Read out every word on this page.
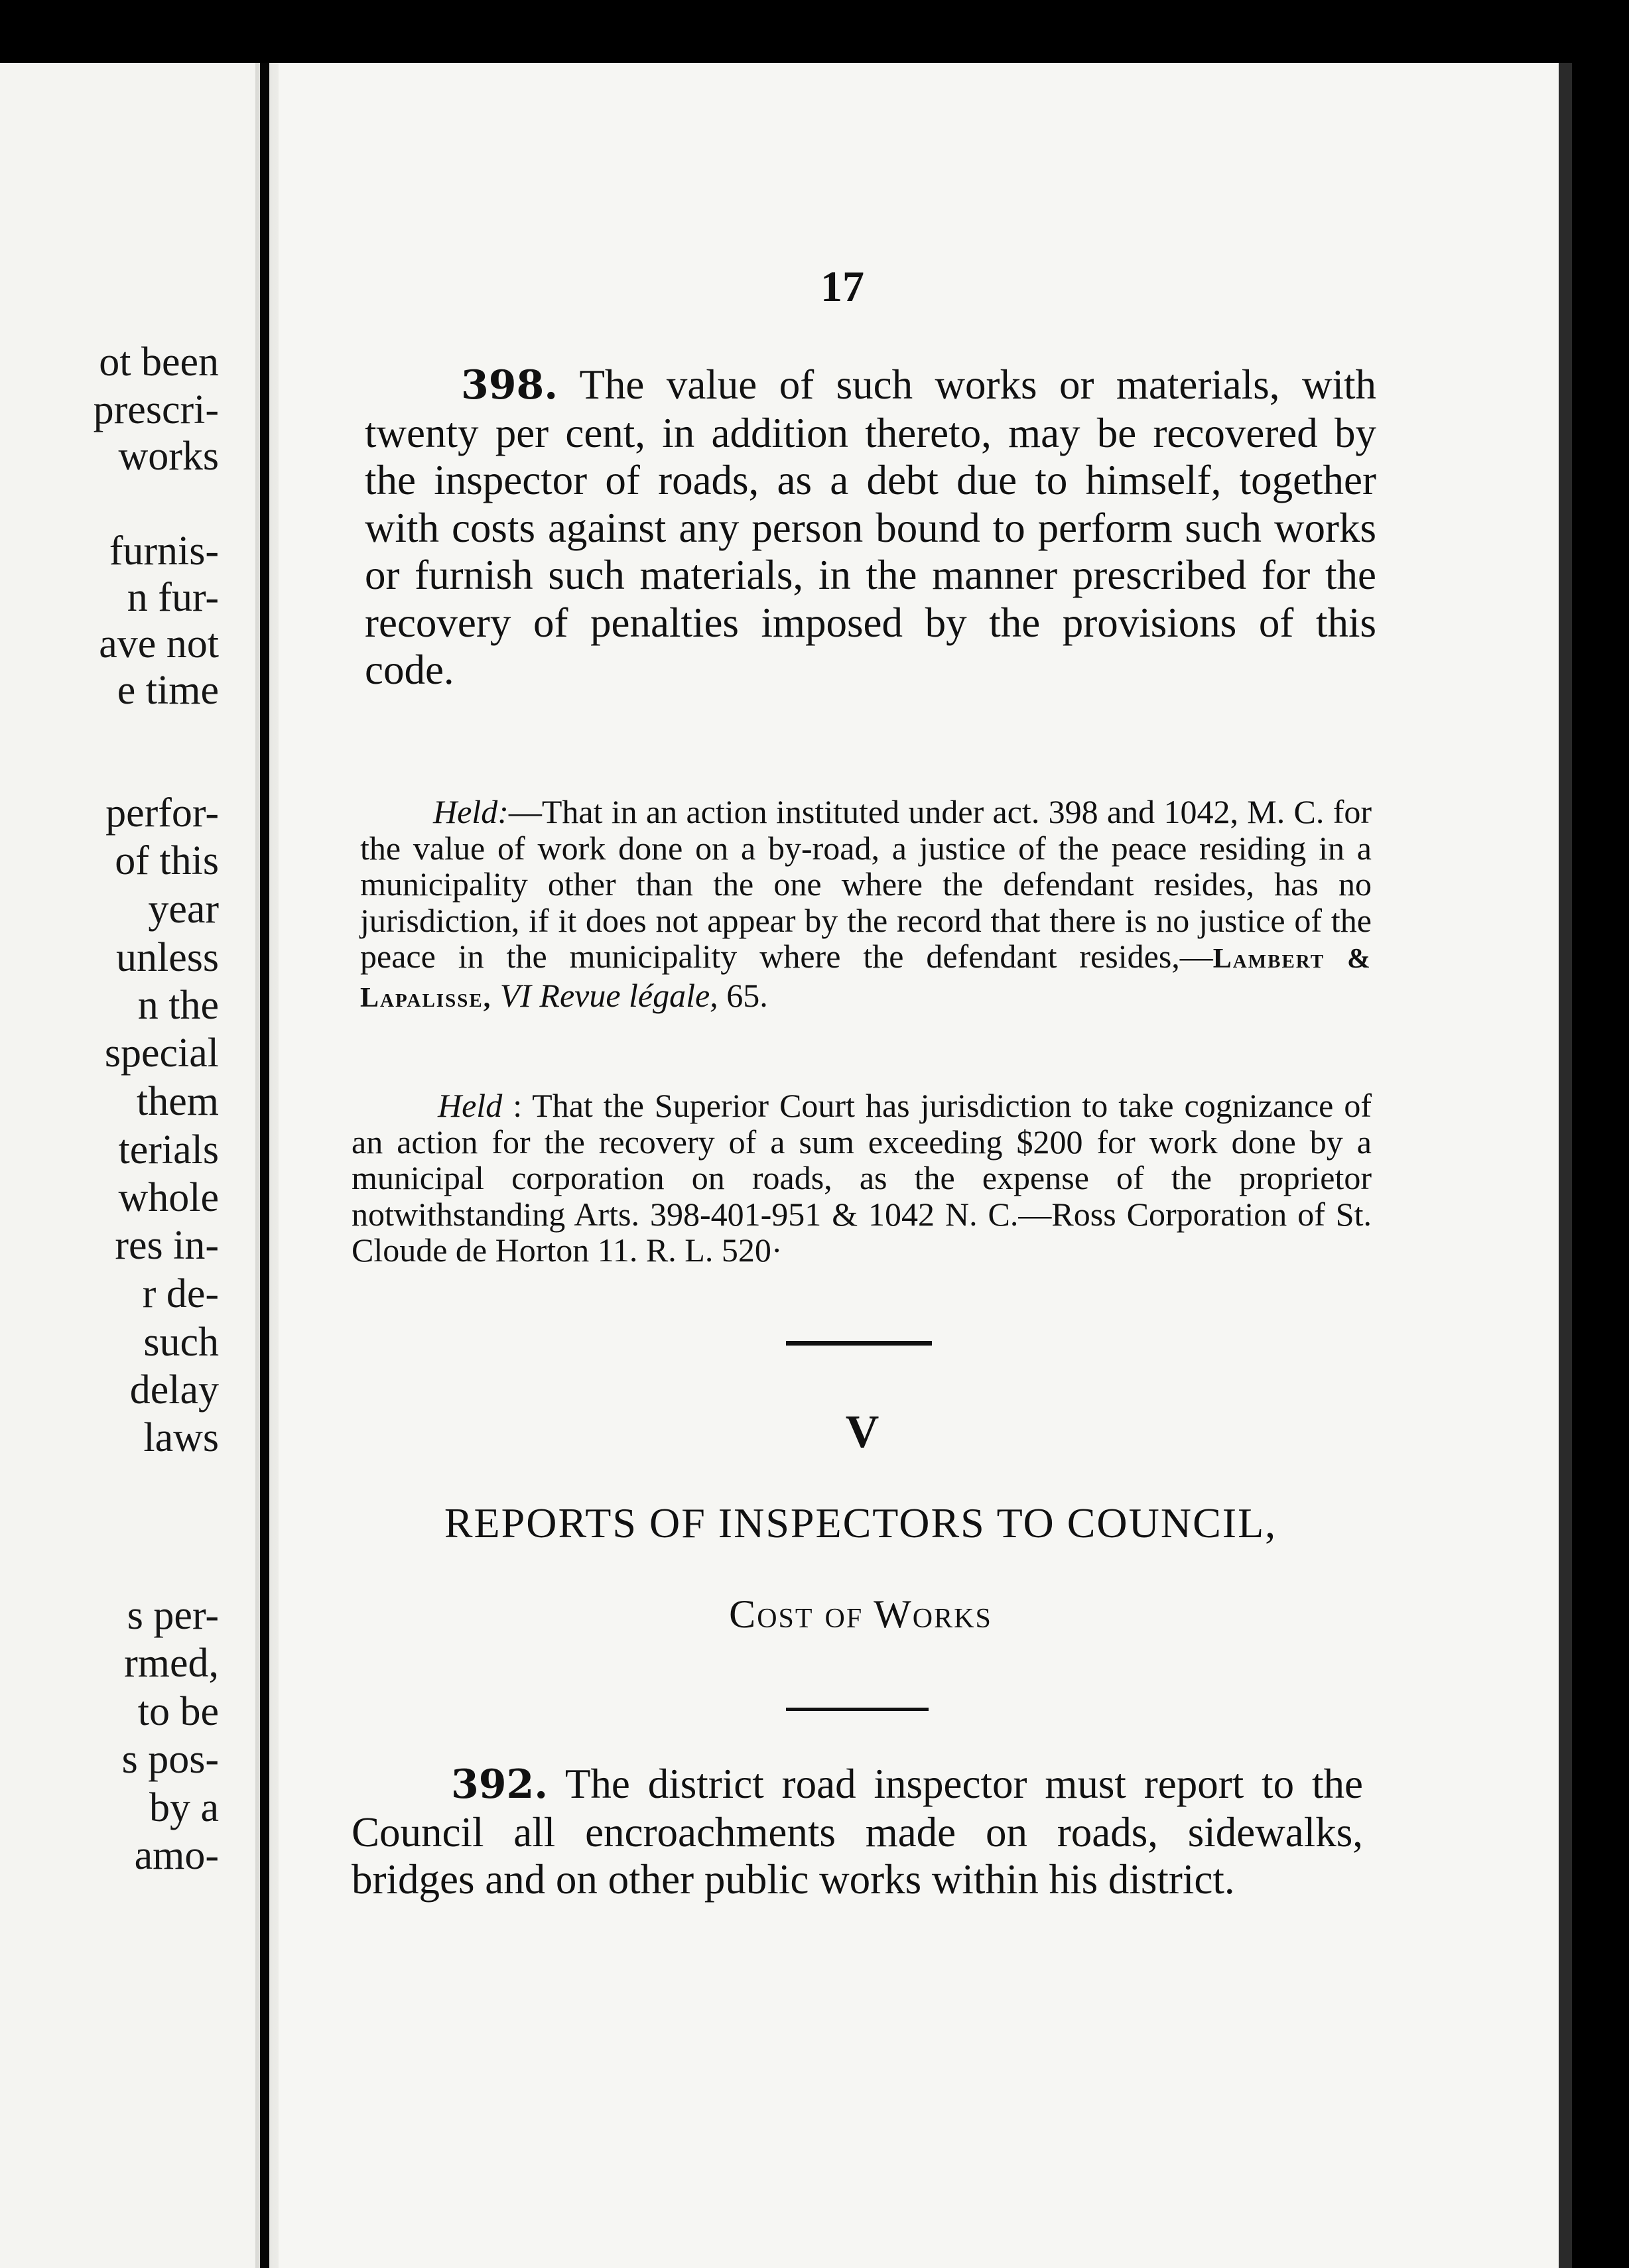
ot been
prescri-
works
furnis-
n fur-
ave not
e time
perfor-
of this
year
unless
n the
special
them
terials
whole
res in-
r de-
such
delay
laws
s per-
rmed,
to be
s pos-
by a
amo-
17
398. The value of such works or materials, with twenty per cent, in addition thereto, may be recovered by the inspector of roads, as a debt due to himself, together with costs against any person bound to perform such works or furnish such materials, in the manner prescribed for the recovery of penalties imposed by the provisions of this code.
Held:—That in an action instituted under act. 398 and 1042, M. C. for the value of work done on a by-road, a justice of the peace residing in a municipality other than the one where the defendant resides, has no jurisdiction, if it does not appear by the record that there is no justice of the peace in the municipality where the defendant resides,—Lambert & Lapalisse, VI Revue légale, 65.
Held : That the Superior Court has jurisdiction to take cognizance of an action for the recovery of a sum exceeding $200 for work done by a municipal corporation on roads, as the expense of the proprietor notwithstanding Arts. 398-401-951 & 1042 N. C.—Ross Corporation of St. Cloude de Horton 11. R. L. 520·
V
REPORTS OF INSPECTORS TO COUNCIL,
Cost of Works
392. The district road inspector must report to the Council all encroachments made on roads, sidewalks, bridges and on other public works within his district.
